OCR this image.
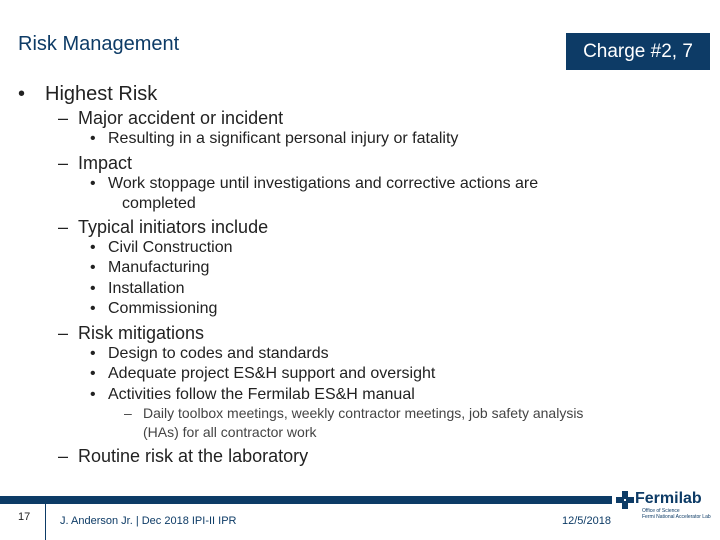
Risk Management	Charge #2, 7
• Highest Risk
– Major accident or incident
• Resulting in a significant personal injury or fatality
– Impact
• Work stoppage until investigations and corrective actions are
completed
– Typical initiators include
• Civil Construction
• Manufacturing
• Installation
• Commissioning
– Risk mitigations
• Design to codes and standards
• Adequate project ES&H support and oversight
• Activities follow the Fermilab ES&H manual
– Daily toolbox meetings, weekly contractor meetings, job safety analysis
(HAs) for all contractor work
– Routine risk at the laboratory
17	J. Anderson Jr. | Dec 2018 IPI-II IPR	12/5/2018
Fermilab
Office of Science
Fermi National Accelerator Lab
